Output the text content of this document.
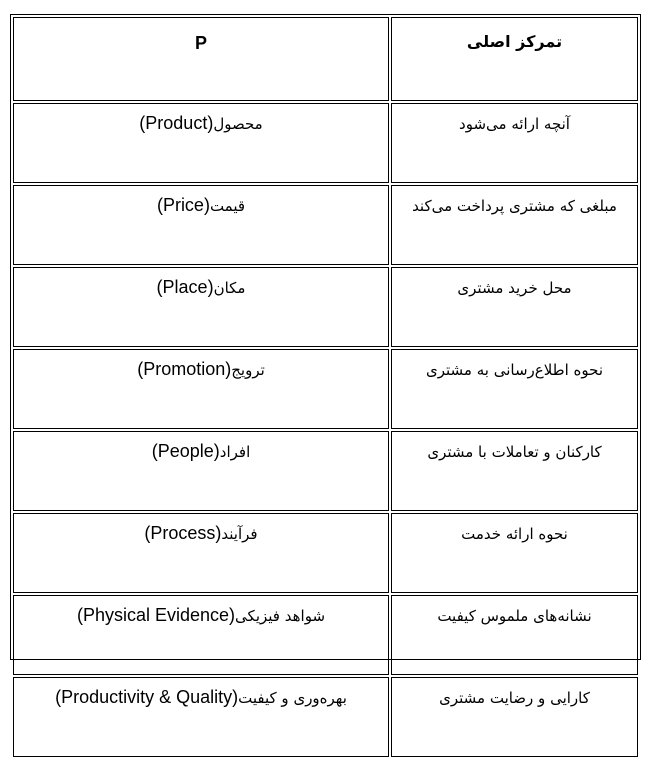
P	تمرکز اصلی
محصول(Product)	آنچه ارائه می‌شود
قیمت(Price)	مبلغی که مشتری پرداخت می‌کند
مکان(Place)	محل خرید مشتری
ترویج(Promotion)	نحوه اطلاع‌رسانی به مشتری
افراد(People)	کارکنان و تعاملات با مشتری
فرآیند(Process)	نحوه ارائه خدمت
شواهد فیزیکی(Physical Evidence)	نشانه‌های ملموس کیفیت
بهره‌وری و کیفیت(Productivity & Quality)	کارایی و رضایت مشتری
